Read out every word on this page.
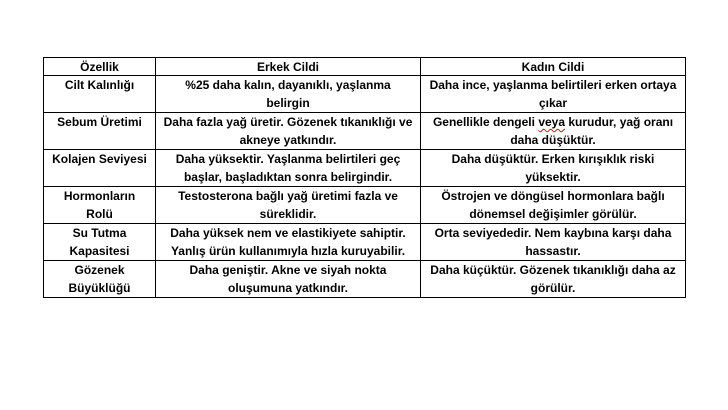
Özellik	Erkek Cildi	Kadın Cildi
Cilt Kalınlığı	%25 daha kalın, dayanıklı, yaşlanma belirgin	Daha ince, yaşlanma belirtileri erken ortaya çıkar
Sebum Üretimi	Daha fazla yağ üretir. Gözenek tıkanıklığı ve akneye yatkındır.	Genellikle dengeli veya kurudur, yağ oranı daha düşüktür.
Kolajen Seviyesi	Daha yüksektir. Yaşlanma belirtileri geç başlar, başladıktan sonra belirgindir.	Daha düşüktür. Erken kırışıklık riski yüksektir.
Hormonların Rolü	Testosterona bağlı yağ üretimi fazla ve süreklidir.	Östrojen ve döngüsel hormonlara bağlı dönemsel değişimler görülür.
Su Tutma Kapasitesi	Daha yüksek nem ve elastikiyete sahiptir. Yanlış ürün kullanımıyla hızla kuruyabilir.	Orta seviyededir. Nem kaybına karşı daha hassastır.
Gözenek Büyüklüğü	Daha geniştir. Akne ve siyah nokta oluşumuna yatkındır.	Daha küçüktür. Gözenek tıkanıklığı daha az görülür.
